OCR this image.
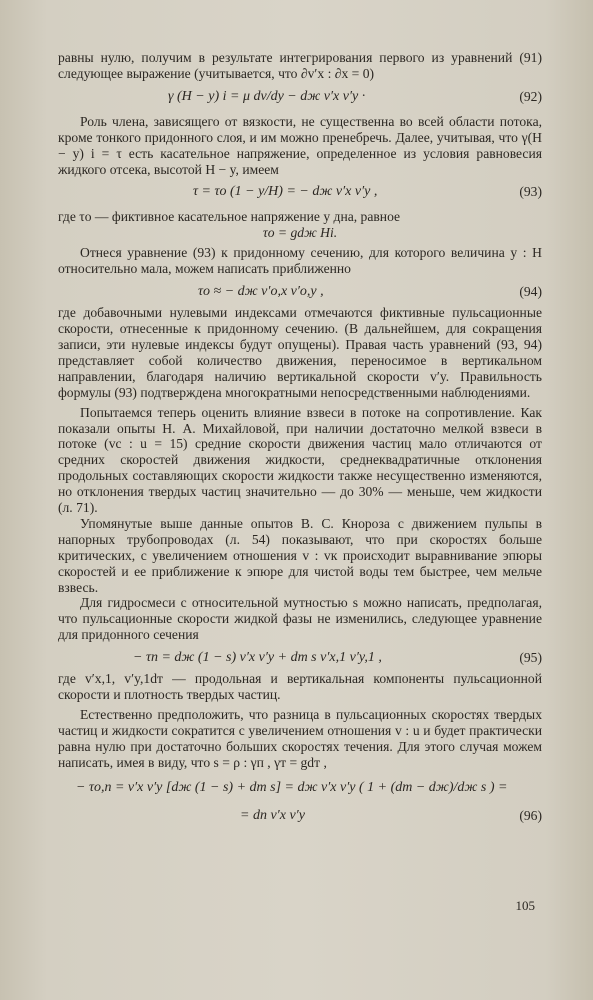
равны нулю, получим в результате интегрирования первого из уравнений (91) следующее выражение (учитывается, что ∂v′x : ∂x = 0)

γ (H − y) i = μ dv/dy − dж v′x v′y ·	(92)

Роль члена, зависящего от вязкости, не существенна во всей области потока, кроме тонкого придонного слоя, и им можно пренебречь. Далее, учитывая, что γ(H − y) i = τ есть касательное напряжение, определенное из условия равновесия жидкого отсека, высотой H − y, имеем

τ = τо (1 − y/H) = − dж v′x v′y ,	(93)

где τо — фиктивное касательное напряжение у дна, равное

τо = gdж Hi.

Отнеся уравнение (93) к придонному сечению, для которого величина y : H относительно мала, можем написать приближенно

τо ≈ − dж v′о,x v′о,y ,	(94)

где добавочными нулевыми индексами отмечаются фиктивные пульсационные скорости, отнесенные к придонному сечению. (В дальнейшем, для сокращения записи, эти нулевые индексы будут опущены). Правая часть уравнений (93, 94) представляет собой количество движения, переносимое в вертикальном направлении, благодаря наличию вертикальной скорости v′y. Правильность формулы (93) подтверждена многократными непосредственными наблюдениями.

Попытаемся теперь оценить влияние взвеси в потоке на сопротивление. Как показали опыты Н. А. Михайловой, при наличии достаточно мелкой взвеси в потоке (vс : u = 15) средние скорости движения частиц мало отличаются от средних скоростей движения жидкости, среднеквадратичные отклонения продольных составляющих скорости жидкости также несущественно изменяются, но отклонения твердых частиц значительно — до 30% — меньше, чем жидкости (л. 71).

Упомянутые выше данные опытов В. С. Кнороза с движением пульпы в напорных трубопроводах (л. 54) показывают, что при скоростях больше критических, с увеличением отношения v : vк происходит выравнивание эпюры скоростей и ее приближение к эпюре для чистой воды тем быстрее, чем мельче взвесь.

Для гидросмеси с относительной мутностью s можно написать, предполагая, что пульсационные скорости жидкой фазы не изменились, следующее уравнение для придонного сечения

− τп = dж (1 − s) v′x v′y + dт s v′x,1 v′y,1 ,	(95)

где v′x,1, v′y,1dт — продольная и вертикальная компоненты пульсационной скорости и плотность твердых частиц.

Естественно предположить, что разница в пульсационных скоростях твердых частиц и жидкости сократится с увеличением отношения v : u и будет практически равна нулю при достаточно больших скоростях течения. Для этого случая можем написать, имея в виду, что s = ρ : γп , γт = gdт ,

− τо,п = v′x v′y [dж (1 − s) + dт s] = dж v′x v′y ( 1 + (dт − dж)/dж s ) =
= dп v′x v′y	(96)
105
